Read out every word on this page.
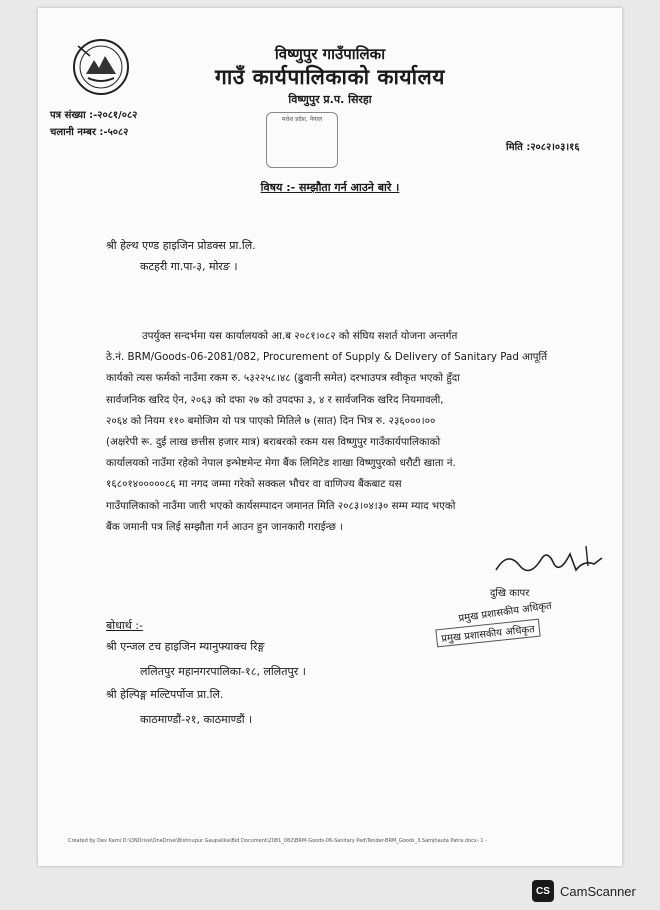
विष्णुपुर गाउँपालिका
गाउँ कार्यपालिकाको कार्यालय
विष्णुपुर प्र.प. सिरहा
मधेश प्रदेश, नेपाल
पत्र संख्या :-२०८१/०८२
चलानी नम्बर :-५०८२
मिति :२०८२।०३।१६
विषय :- सम्झौता गर्न आउने बारे ।
श्री हेल्थ एण्ड हाइजिन प्रोडक्स प्रा.लि.
कटहरी गा.पा-३, मोरङ ।
उपर्युक्त सन्दर्भमा यस कार्यालयको आ.ब २०८१।०८२ को संघिय सशर्त योजना अन्तर्गत
ठे.नं. BRM/Goods-06-2081/082, Procurement of Supply & Delivery of Sanitary Pad आपूर्ति
कार्यको त्यस फर्मको नाउँमा रकम रु. ५३२२५८।४८ (ढुवानी समेत) दरभाउपत्र स्वीकृत भएको हुँदा
सार्वजनिक खरिद ऐन, २०६३ को दफा २७ को उपदफा ३, ४ र सार्वजनिक खरिद नियमावली,
२०६४ को नियम ११० बमोजिम यो पत्र पाएको मितिले ७ (सात) दिन भित्र रु. २३६०००।००
(अक्षरेपी रू. दुई लाख छत्तीस हजार मात्र) बराबरको रकम यस विष्णुपुर गाउँकार्यपालिकाको
कार्यालयको नाउँमा रहेको नेपाल इन्भेष्टमेन्ट मेगा बैंक लिमिटेड शाखा विष्णुपुरको धरौटी खाता नं.
१६८०१४०००००८६ मा नगद जम्मा गरेको सक्कल भौचर वा वाणिज्य बैंकबाट यस
गाउँपालिकाको नाउँमा जारी भएको कार्यसम्पादन जमानत मिति २०८३।०४।३० सम्म म्याद भएको
बैंक जमानी पत्र लिई सम्झौता गर्न आउन हुन जानकारी गराईन्छ ।
दुखि कापर
प्रमुख प्रशासकीय अधिकृत
प्रमुख प्रशासकीय अधिकृत
बोधार्थ :-
श्री एन्जल टच हाइजिन म्यानुफ्याक्च रिङ्ग
ललितपुर महानगरपालिका-१८, ललितपुर ।
श्री हेल्पिङ्ग मल्टिपर्पोज प्रा.लि.
काठमाण्डौं-२१, काठमाण्डौं ।
Created by Dev Kami D:\ONDrive\OneDrive\Bishnupur Gaupalika\Bid Document\2081_082\BRM-Goods-06-Sanitary Pad\Tender-BRM_Goods_3.Samjhauta Patra.docx- 1 -
CS CamScanner
